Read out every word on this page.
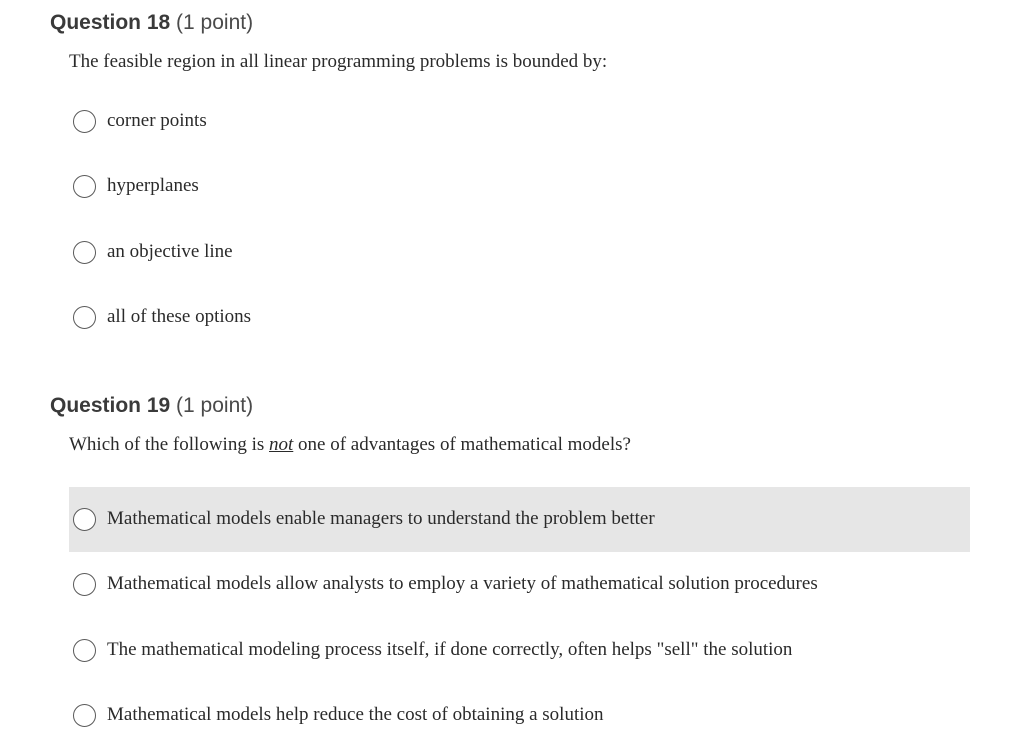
Question 18 (1 point)
The feasible region in all linear programming problems is bounded by:
corner points
hyperplanes
an objective line
all of these options
Question 19 (1 point)
Which of the following is not one of advantages of mathematical models?
Mathematical models enable managers to understand the problem better
Mathematical models allow analysts to employ a variety of mathematical solution procedures
The mathematical modeling process itself, if done correctly, often helps "sell" the solution
Mathematical models help reduce the cost of obtaining a solution
